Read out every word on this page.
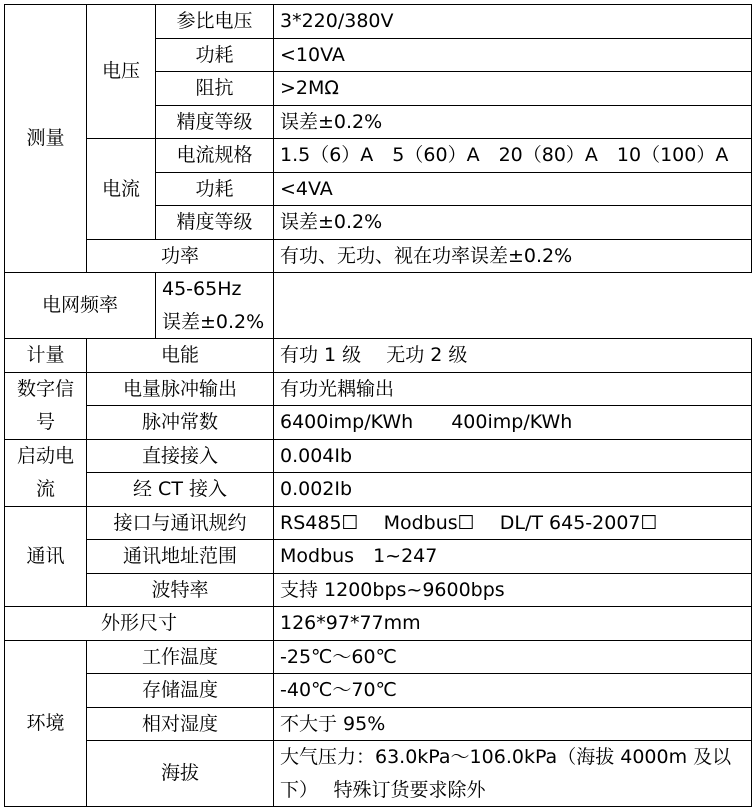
测量	电压	参比电压	3*220/380V
		功耗	<10VA
		阻抗	>2MΩ
		精度等级	误差±0.2%
	电流	电流规格	1.5（6）A　5（60）A　20（80）A　10（100）A
		功耗	<4VA
		精度等级	误差±0.2%
	功率		有功、无功、视在功率误差±0.2%
电网频率		45-65Hz　误差±0.2%	
计量	电能		有功 1 级　 无功 2 级
数字信号	电量脉冲输出		有功光耦输出
	脉冲常数		6400imp/KWh　　400imp/KWh
启动电流	直接接入		0.004Ib
	经 CT 接入		0.002Ib
通讯	接口与通讯规约		RS485☐　 Modbus☐　 DL/T 645-2007☐
	通讯地址范围		Modbus　1~247
	波特率		支持 1200bps~9600bps
外形尺寸			126*97*77mm
环境	工作温度		-25℃～60℃
	存储温度		-40℃～70℃
	相对湿度		不大于 95%
	海拔		大气压力：63.0kPa～106.0kPa（海拔 4000m 及以下）　 特殊订货要求除外
